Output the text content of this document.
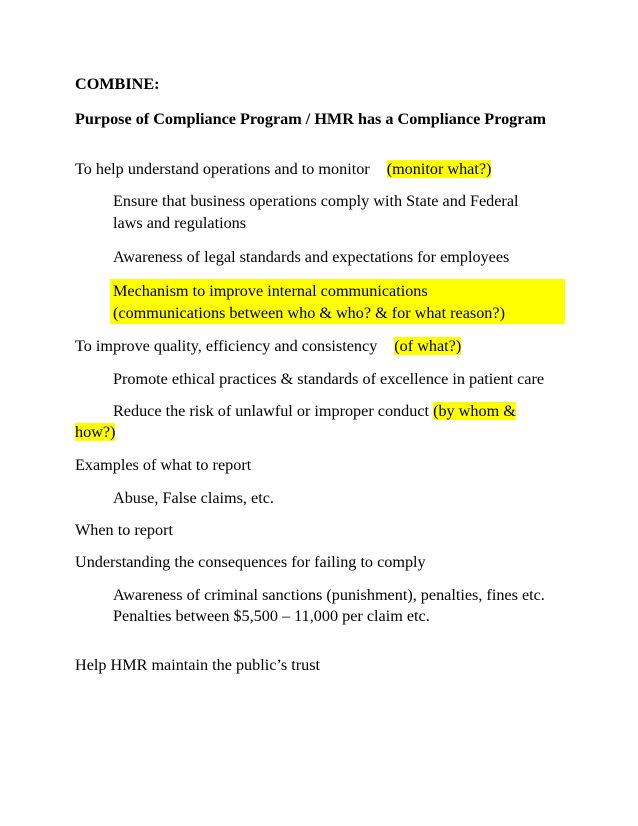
COMBINE:
Purpose of Compliance Program / HMR has a Compliance Program
To help understand operations and to monitor (monitor what?)
Ensure that business operations comply with State and Federal
laws and regulations
Awareness of legal standards and expectations for employees
Mechanism to improve internal communications
(communications between who & who? & for what reason?)
To improve quality, efficiency and consistency (of what?)
Promote ethical practices & standards of excellence in patient care
Reduce the risk of unlawful or improper conduct (by whom &
how?)
Examples of what to report
Abuse, False claims, etc.
When to report
Understanding the consequences for failing to comply
Awareness of criminal sanctions (punishment), penalties, fines etc.
Penalties between $5,500 – 11,000 per claim etc.
Help HMR maintain the public’s trust
